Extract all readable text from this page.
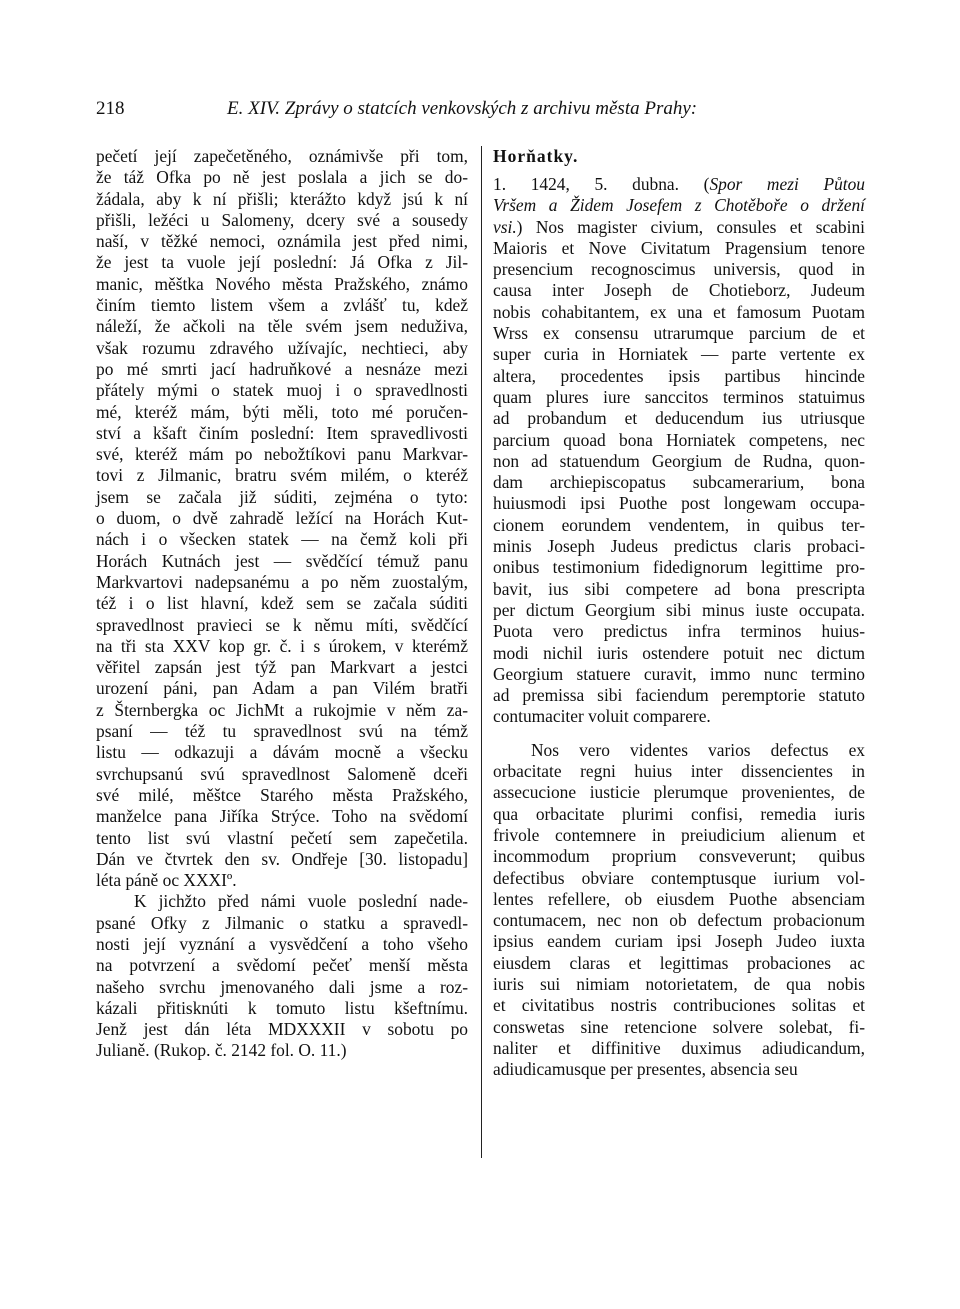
218	E. XIV. Zprávy o statcích venkovských z archivu města Prahy:
pečetí její zapečetěného, oznámivše při tom,
že táž Ofka po ně jest poslala a jich se do-
žádala, aby k ní přišli; kterážto když jsú k ní
přišli, ležéci u Salomeny, dcery své a sousedy
naší, v těžké nemoci, oznámila jest před nimi,
že jest ta vuole její poslední: Já Ofka z Jil-
manic, měštka Nového města Pražského, známo
činím tiemto listem všem a zvlášť tu, kdež
náleží, že ačkoli na těle svém jsem neduživa,
však rozumu zdravého užívajíc, nechtieci, aby
po mé smrti jací hadruňkové a nesnáze mezi
přátely mými o statek muoj i o spravedlnosti
mé, kteréž mám, býti měli, toto mé poručen-
ství a kšaft činím poslední: Item spravedlivosti
své, kteréž mám po nebožtíkovi panu Markvar-
tovi z Jilmanic, bratru svém milém, o kteréž
jsem se začala již súditi, zejména o tyto:
o duom, o dvě zahradě ležící na Horách Kut-
nách i o všecken statek — na čemž koli při
Horách Kutnách jest — svědčící témuž panu
Markvartovi nadepsanému a po něm zuostalým,
též i o list hlavní, kdež sem se začala súditi
spravedlnost pravieci se k němu míti, svědčící
na tři sta XXV kop gr. č. i s úrokem, v kterémž
věřitel zapsán jest týž pan Markvart a jestci
urození páni, pan Adam a pan Vilém bratři
z Šternbergka oc JichMt a rukojmie v něm za-
psaní — též tu spravedlnost svú na témž
listu — odkazuji a dávám mocně a všecku
svrchupsanú svú spravedlnost Salomeně dceři
své milé, měštce Starého města Pražského,
manželce pana Jiříka Strýce. Toho na svědomí
tento list svú vlastní pečetí sem zapečetila.
Dán ve čtvrtek den sv. Ondřeje [30. listopadu]
léta páně oc XXXIº.
K jichžto před námi vuole poslední nade-
psané Ofky z Jilmanic o statku a spravedl-
nosti její vyznání a vysvědčení a toho všeho
na potvrzení a svědomí pečeť menší města
našeho svrchu jmenovaného dali jsme a roz-
kázali přitisknúti k tomuto listu kšeftnímu.
Jenž jest dán léta MDXXXII v sobotu po
Julianě. (Rukop. č. 2142 fol. O. 11.)
Horňatky.
1. 1424, 5. dubna. (Spor mezi Půtou
Vršem a Židem Josefem z Chotěboře o držení
vsi.) Nos magister civium, consules et scabini
Maioris et Nove Civitatum Pragensium tenore
presencium recognoscimus universis, quod in
causa inter Joseph de Chotieborz, Judeum
nobis cohabitantem, ex una et famosum Puotam
Wrss ex consensu utrarumque parcium de et
super curia in Horniatek — parte vertente ex
altera, procedentes ipsis partibus hincinde
quam plures iure sanccitos terminos statuimus
ad probandum et deducendum ius utriusque
parcium quoad bona Horniatek competens, nec
non ad statuendum Georgium de Rudna, quon-
dam archiepiscopatus subcamerarium, bona
huiusmodi ipsi Puothe post longewam occupa-
cionem eorundem vendentem, in quibus ter-
minis Joseph Judeus predictus claris probaci-
onibus testimonium fidedignorum legittime pro-
bavit, ius sibi competere ad bona prescripta
per dictum Georgium sibi minus iuste occupata.
Puota vero predictus infra terminos huius-
modi nichil iuris ostendere potuit nec dictum
Georgium statuere curavit, immo nunc termino
ad premissa sibi faciendum peremptorie statuto
contumaciter voluit comparere.
Nos vero videntes varios defectus ex
orbacitate regni huius inter dissencientes in
assecucione iusticie plerumque provenientes, de
qua orbacitate plurimi confisi, remedia iuris
frivole contemnere in preiudicium alienum et
incommodum proprium consveverunt; quibus
defectibus obviare contemptusque iurium vol-
lentes refellere, ob eiusdem Puothe absenciam
contumacem, nec non ob defectum probacionum
ipsius eandem curiam ipsi Joseph Judeo iuxta
eiusdem claras et legittimas probaciones ac
iuris sui nimiam notorietatem, de qua nobis
et civitatibus nostris contribuciones solitas et
conswetas sine retencione solvere solebat, fi-
naliter et diffinitive duximus adiudicandum,
adiudicamusque per presentes, absencia seu
